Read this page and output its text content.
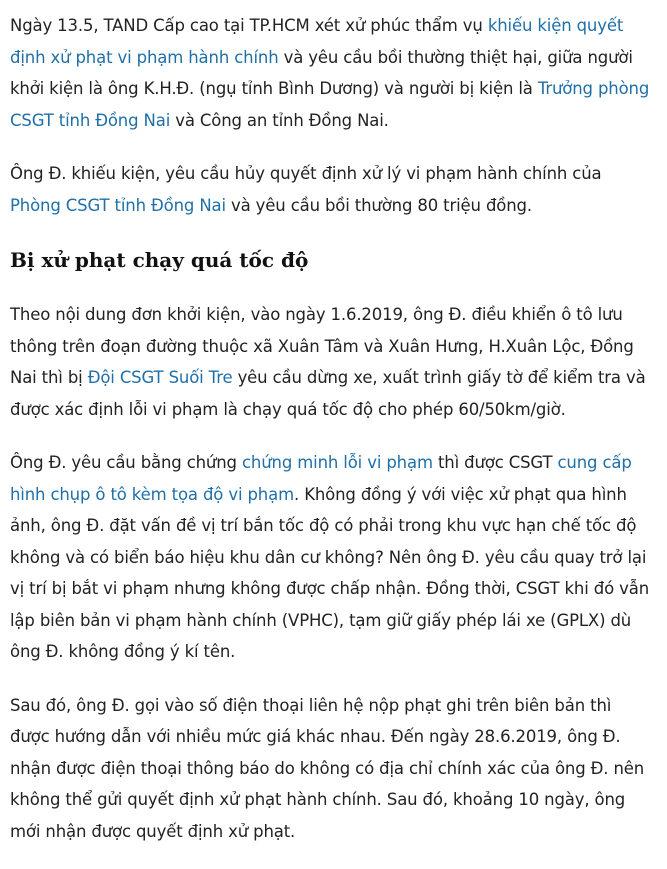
Ngày 13.5, TAND Cấp cao tại TP.HCM xét xử phúc thẩm vụ khiếu kiện quyết định xử phạt vi phạm hành chính và yêu cầu bồi thường thiệt hại, giữa người khởi kiện là ông K.H.Đ. (ngụ tỉnh Bình Dương) và người bị kiện là Trưởng phòng CSGT tỉnh Đồng Nai và Công an tỉnh Đồng Nai.

Ông Đ. khiếu kiện, yêu cầu hủy quyết định xử lý vi phạm hành chính của Phòng CSGT tỉnh Đồng Nai và yêu cầu bồi thường 80 triệu đồng.

Bị xử phạt chạy quá tốc độ

Theo nội dung đơn khởi kiện, vào ngày 1.6.2019, ông Đ. điều khiển ô tô lưu thông trên đoạn đường thuộc xã Xuân Tâm và Xuân Hưng, H.Xuân Lộc, Đồng Nai thì bị Đội CSGT Suối Tre yêu cầu dừng xe, xuất trình giấy tờ để kiểm tra và được xác định lỗi vi phạm là chạy quá tốc độ cho phép 60/50km/giờ.

Ông Đ. yêu cầu bằng chứng chứng minh lỗi vi phạm thì được CSGT cung cấp hình chụp ô tô kèm tọa độ vi phạm. Không đồng ý với việc xử phạt qua hình ảnh, ông Đ. đặt vấn đề vị trí bắn tốc độ có phải trong khu vực hạn chế tốc độ không và có biển báo hiệu khu dân cư không? Nên ông Đ. yêu cầu quay trở lại vị trí bị bắt vi phạm nhưng không được chấp nhận. Đồng thời, CSGT khi đó vẫn lập biên bản vi phạm hành chính (VPHC), tạm giữ giấy phép lái xe (GPLX) dù ông Đ. không đồng ý kí tên.

Sau đó, ông Đ. gọi vào số điện thoại liên hệ nộp phạt ghi trên biên bản thì được hướng dẫn với nhiều mức giá khác nhau. Đến ngày 28.6.2019, ông Đ. nhận được điện thoại thông báo do không có địa chỉ chính xác của ông Đ. nên không thể gửi quyết định xử phạt hành chính. Sau đó, khoảng 10 ngày, ông mới nhận được quyết định xử phạt.
